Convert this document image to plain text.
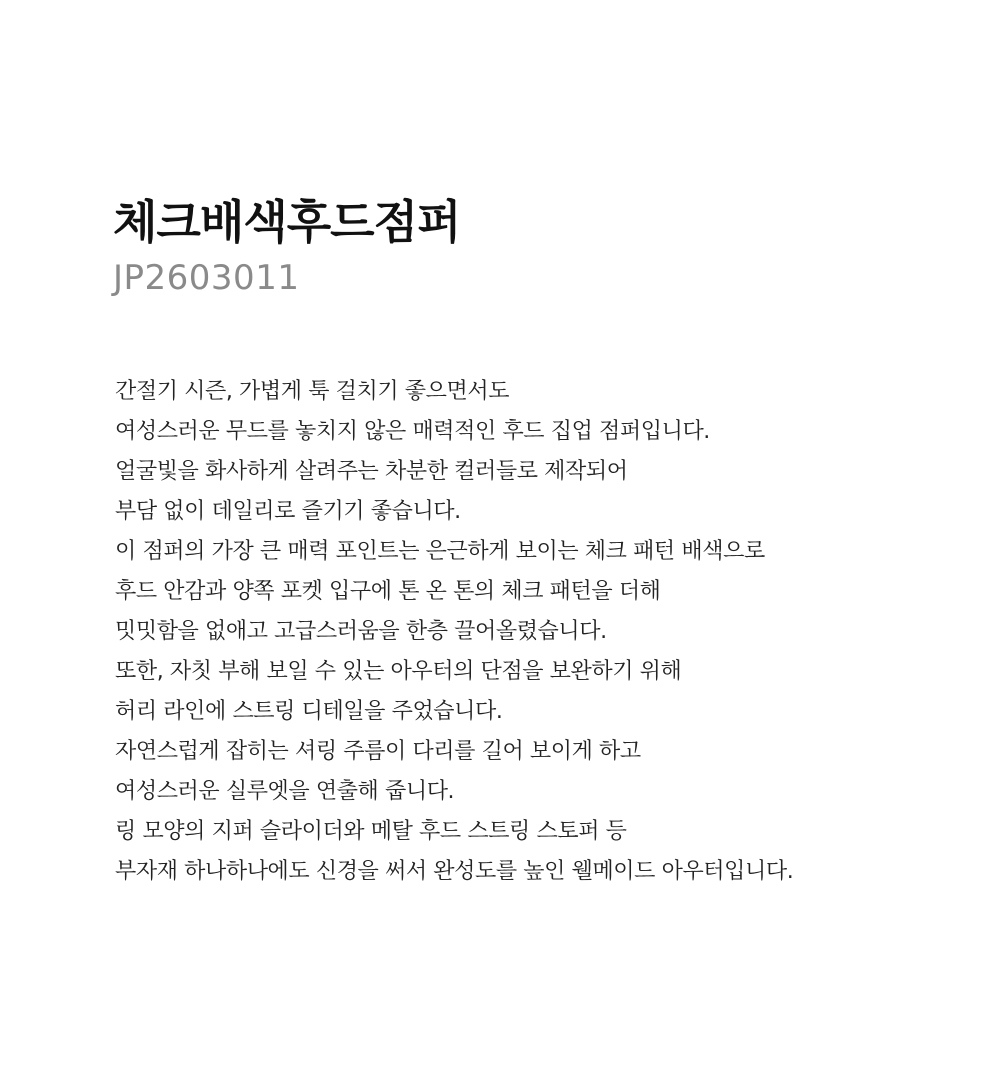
체크배색후드점퍼

JP2603011

간절기 시즌, 가볍게 툭 걸치기 좋으면서도
여성스러운 무드를 놓치지 않은 매력적인 후드 집업 점퍼입니다.
얼굴빛을 화사하게 살려주는 차분한 컬러들로 제작되어
부담 없이 데일리로 즐기기 좋습니다.
이 점퍼의 가장 큰 매력 포인트는 은근하게 보이는 체크 패턴 배색으로
후드 안감과 양쪽 포켓 입구에 톤 온 톤의 체크 패턴을 더해
밋밋함을 없애고 고급스러움을 한층 끌어올렸습니다.
또한, 자칫 부해 보일 수 있는 아우터의 단점을 보완하기 위해
허리 라인에 스트링 디테일을 주었습니다.
자연스럽게 잡히는 셔링 주름이 다리를 길어 보이게 하고
여성스러운 실루엣을 연출해 줍니다.
링 모양의 지퍼 슬라이더와 메탈 후드 스트링 스토퍼 등
부자재 하나하나에도 신경을 써서 완성도를 높인 웰메이드 아우터입니다.
